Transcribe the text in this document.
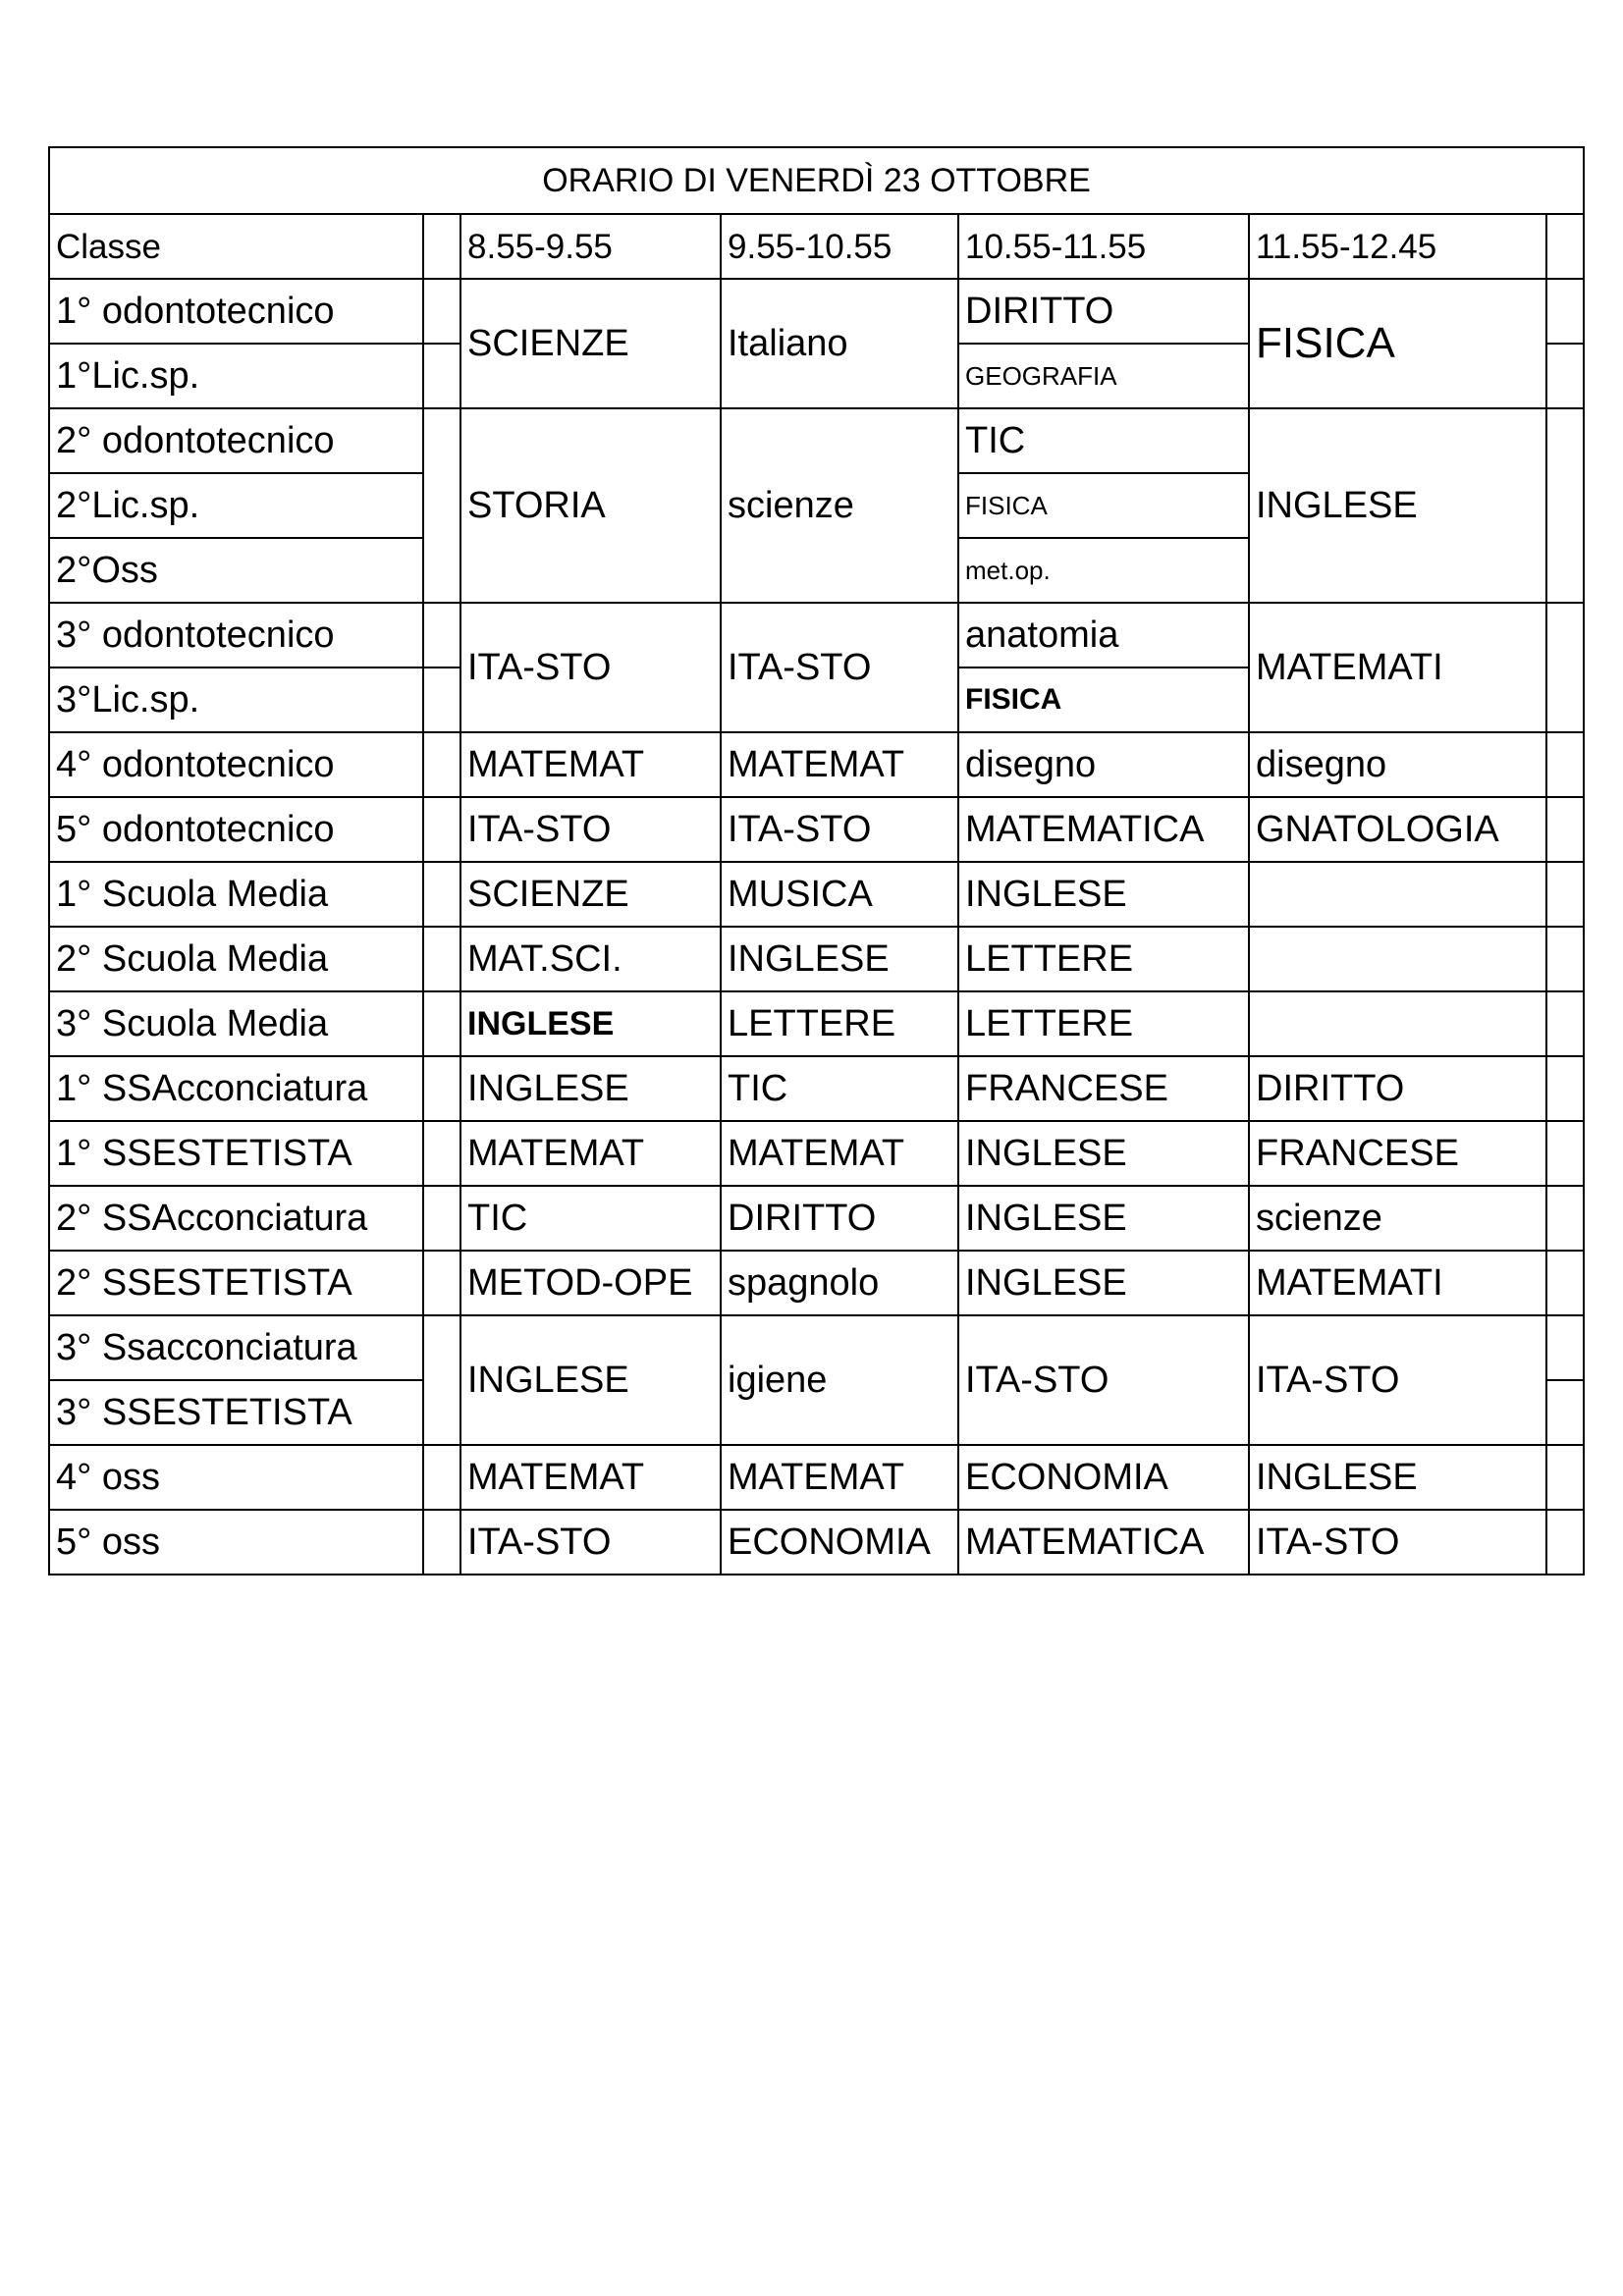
ORARIO DI VENERDÌ 23 OTTOBRE						
Classe		8.55-9.55	9.55-10.55	10.55-11.55	11.55-12.45	
1° odontotecnico		SCIENZE	Italiano	DIRITTO	FISICA	
1°Lic.sp.				GEOGRAFIA		
2° odontotecnico		STORIA	scienze	TIC	INGLESE	
2°Lic.sp.				FISICA		
2°Oss				met.op.		
3° odontotecnico		ITA-STO	ITA-STO	anatomia	MATEMATI	
3°Lic.sp.				FISICA		
4° odontotecnico		MATEMAT	MATEMAT	disegno	disegno	
5° odontotecnico		ITA-STO	ITA-STO	MATEMATICA	GNATOLOGIA	
1° Scuola Media		SCIENZE	MUSICA	INGLESE		
2° Scuola Media		MAT.SCI.	INGLESE	LETTERE		
3° Scuola Media		INGLESE	LETTERE	LETTERE		
1° SSAcconciatura		INGLESE	TIC	FRANCESE	DIRITTO	
1° SSESTETISTA		MATEMAT	MATEMAT	INGLESE	FRANCESE	
2° SSAcconciatura		TIC	DIRITTO	INGLESE	scienze	
2° SSESTETISTA		METOD-OPE	spagnolo	INGLESE	MATEMATI	
3° Ssacconciatura		INGLESE	igiene	ITA-STO	ITA-STO	
3° SSESTETISTA						
4° oss		MATEMAT	MATEMAT	ECONOMIA	INGLESE	
5° oss		ITA-STO	ECONOMIA	MATEMATICA	ITA-STO	
